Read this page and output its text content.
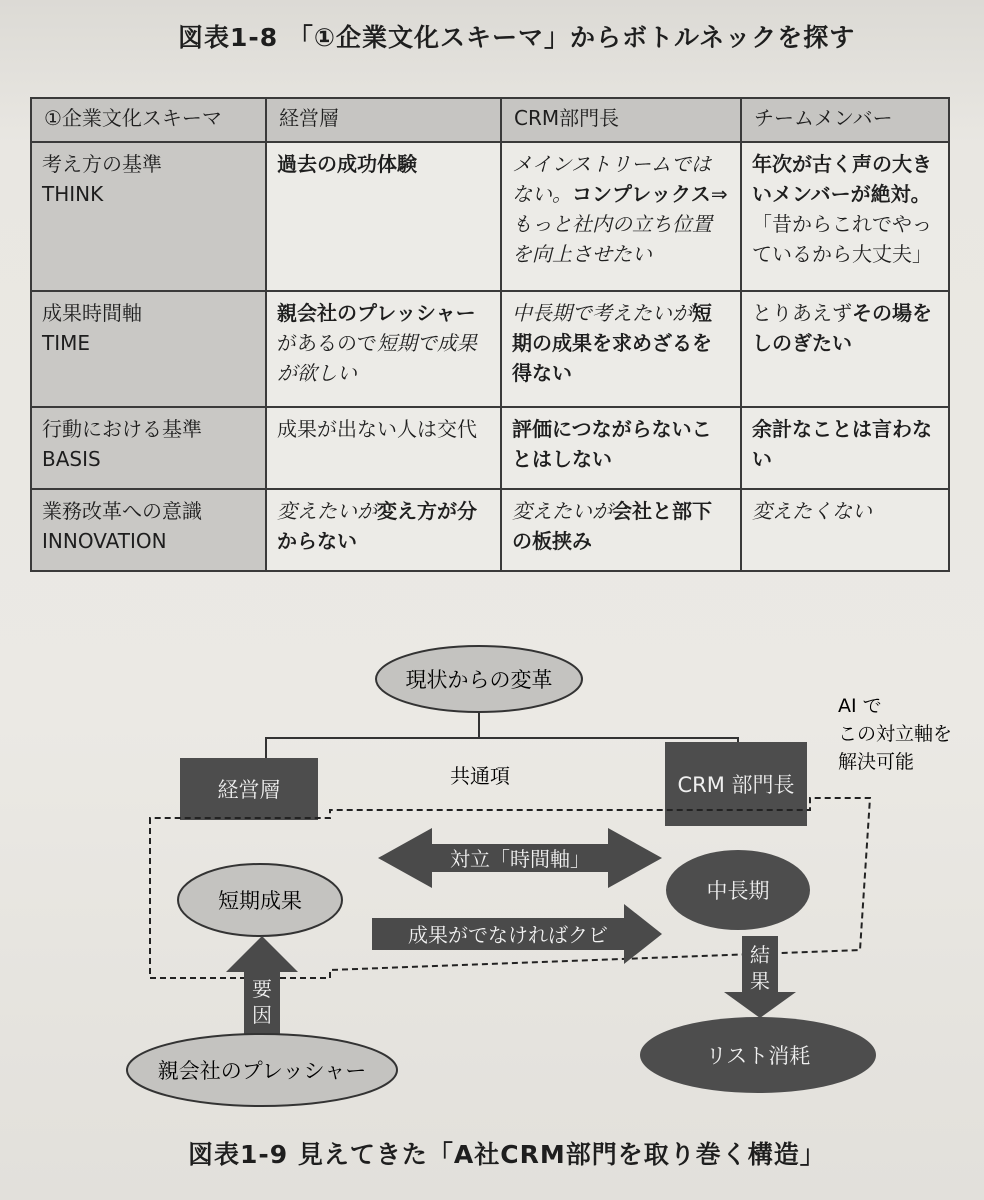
図表1-8 「①企業文化スキーマ」からボトルネックを探す
①企業文化スキーマ	経営層	CRM部門長	チームメンバー

考え方の基準
THINK	過去の成功体験	メインストリームではない。コンプレックス⇒もっと社内の立ち位置を向上させたい	年次が古く声の大きいメンバーが絶対。「昔からこれでやっているから大丈夫」

成果時間軸
TIME	親会社のプレッシャーがあるので短期で成果が欲しい	中長期で考えたいが短期の成果を求めざるを得ない	とりあえずその場をしのぎたい

行動における基準
BASIS	成果が出ない人は交代	評価につながらないことはしない	余計なことは言わない

業務改革への意識
INNOVATION	変えたいが変え方が分からない	変えたいが会社と部下の板挟み	変えたくない
現状からの変革
経営層	CRM 部門長
共通項
AI で
この対立軸を
解決可能
対立「時間軸」
成果がでなければクビ
短期成果	中長期
要
因
結
果
親会社のプレッシャー
リスト消耗
図表1-9 見えてきた「A社CRM部門を取り巻く構造」
